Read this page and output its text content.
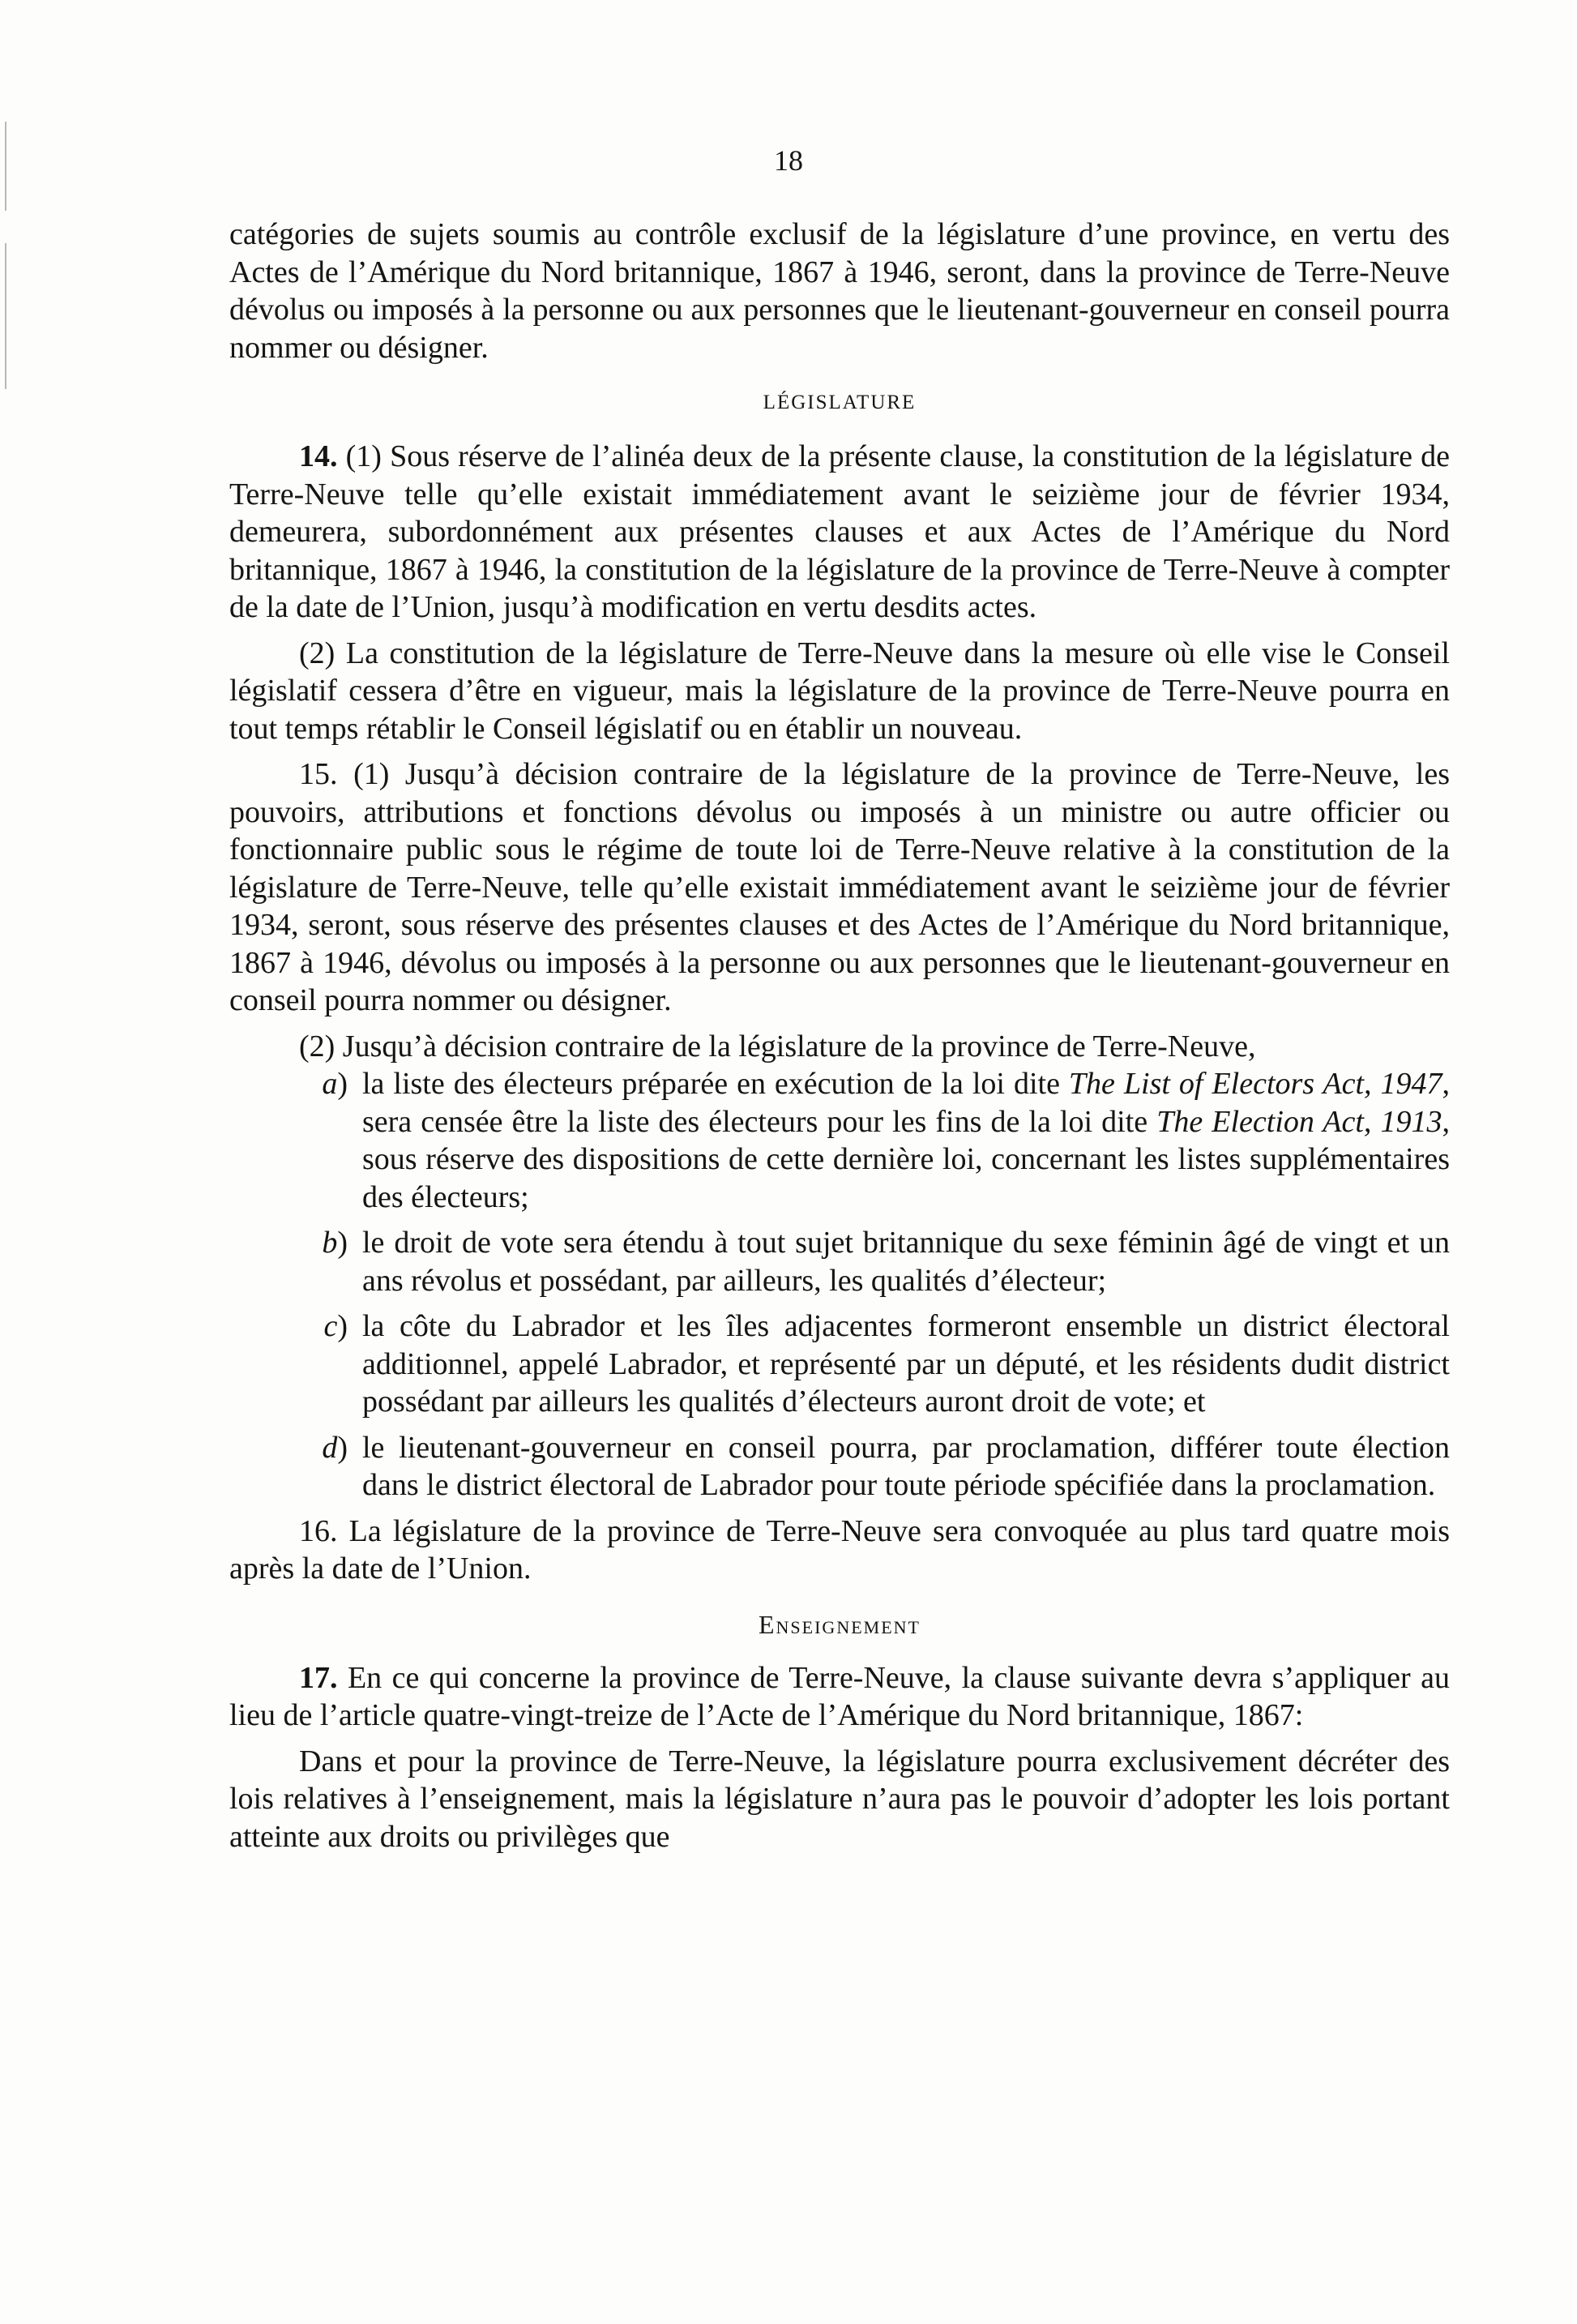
18

catégories de sujets soumis au contrôle exclusif de la législature d’une province, en vertu des Actes de l’Amérique du Nord britannique, 1867 à 1946, seront, dans la province de Terre-Neuve dévolus ou imposés à la personne ou aux personnes que le lieutenant-gouverneur en conseil pourra nommer ou désigner.

LÉGISLATURE

14. (1) Sous réserve de l’alinéa deux de la présente clause, la constitution de la législature de Terre-Neuve telle qu’elle existait immédiatement avant le seizième jour de février 1934, demeurera, subordonnément aux présentes clauses et aux Actes de l’Amérique du Nord britannique, 1867 à 1946, la constitution de la législature de la province de Terre-Neuve à compter de la date de l’Union, jusqu’à modification en vertu desdits actes.

(2) La constitution de la législature de Terre-Neuve dans la mesure où elle vise le Conseil législatif cessera d’être en vigueur, mais la législature de la province de Terre-Neuve pourra en tout temps rétablir le Conseil législatif ou en établir un nouveau.

15. (1) Jusqu’à décision contraire de la législature de la province de Terre-Neuve, les pouvoirs, attributions et fonctions dévolus ou imposés à un ministre ou autre officier ou fonctionnaire public sous le régime de toute loi de Terre-Neuve relative à la constitution de la législature de Terre-Neuve, telle qu’elle existait immédiatement avant le seizième jour de février 1934, seront, sous réserve des présentes clauses et des Actes de l’Amérique du Nord britannique, 1867 à 1946, dévolus ou imposés à la personne ou aux personnes que le lieutenant-gouverneur en conseil pourra nommer ou désigner.

(2) Jusqu’à décision contraire de la législature de la province de Terre-Neuve,

a) la liste des électeurs préparée en exécution de la loi dite The List of Electors Act, 1947, sera censée être la liste des électeurs pour les fins de la loi dite The Election Act, 1913, sous réserve des dispositions de cette dernière loi, concernant les listes supplémentaires des électeurs;
b) le droit de vote sera étendu à tout sujet britannique du sexe féminin âgé de vingt et un ans révolus et possédant, par ailleurs, les qualités d’électeur;
c) la côte du Labrador et les îles adjacentes formeront ensemble un district électoral additionnel, appelé Labrador, et représenté par un député, et les résidents dudit district possédant par ailleurs les qualités d’électeurs auront droit de vote; et
d) le lieutenant-gouverneur en conseil pourra, par proclamation, différer toute élection dans le district électoral de Labrador pour toute période spécifiée dans la proclamation.

16. La législature de la province de Terre-Neuve sera convoquée au plus tard quatre mois après la date de l’Union.

Enseignement

17. En ce qui concerne la province de Terre-Neuve, la clause suivante devra s’appliquer au lieu de l’article quatre-vingt-treize de l’Acte de l’Amérique du Nord britannique, 1867:

Dans et pour la province de Terre-Neuve, la législature pourra exclusivement décréter des lois relatives à l’enseignement, mais la législature n’aura pas le pouvoir d’adopter les lois portant atteinte aux droits ou privilèges que
